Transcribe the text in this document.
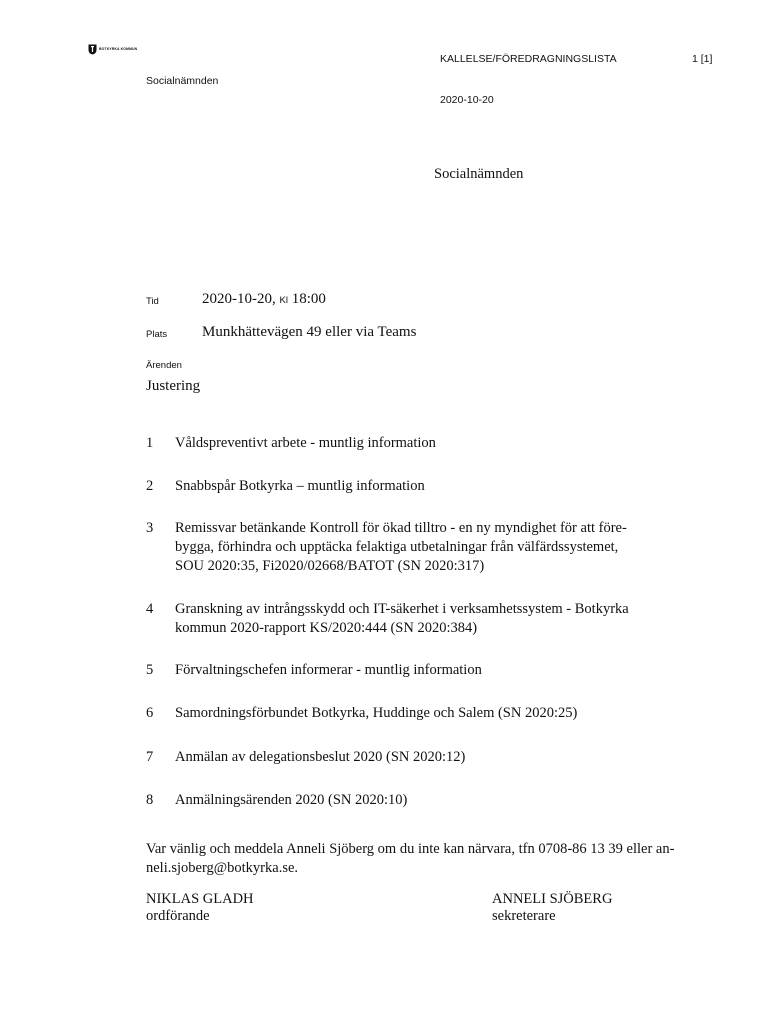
BOTKYRKA KOMMUN
KALLELSE/FÖREDRAGNINGSLISTA	1 [1]
Socialnämnden
2020-10-20
Socialnämnden
Tid	2020-10-20, Kl 18:00
Plats Munkhättevägen 49 eller via Teams
Ärenden
Justering
1 Våldspreventivt arbete - muntlig information
2 Snabbspår Botkyrka – muntlig information
3 Remissvar betänkande Kontroll för ökad tilltro - en ny myndighet för att före-
bygga, förhindra och upptäcka felaktiga utbetalningar från välfärdssystemet,
SOU 2020:35, Fi2020/02668/BATOT (SN 2020:317)
4 Granskning av intrångsskydd och IT-säkerhet i verksamhetssystem - Botkyrka
kommun 2020-rapport KS/2020:444 (SN 2020:384)
5 Förvaltningschefen informerar - muntlig information
6 Samordningsförbundet Botkyrka, Huddinge och Salem (SN 2020:25)
7 Anmälan av delegationsbeslut 2020 (SN 2020:12)
8 Anmälningsärenden 2020 (SN 2020:10)
Var vänlig och meddela Anneli Sjöberg om du inte kan närvara, tfn 0708-86 13 39 eller an-
neli.sjoberg@botkyrka.se.
NIKLAS GLADH
ordförande
ANNELI SJÖBERG
sekreterare
